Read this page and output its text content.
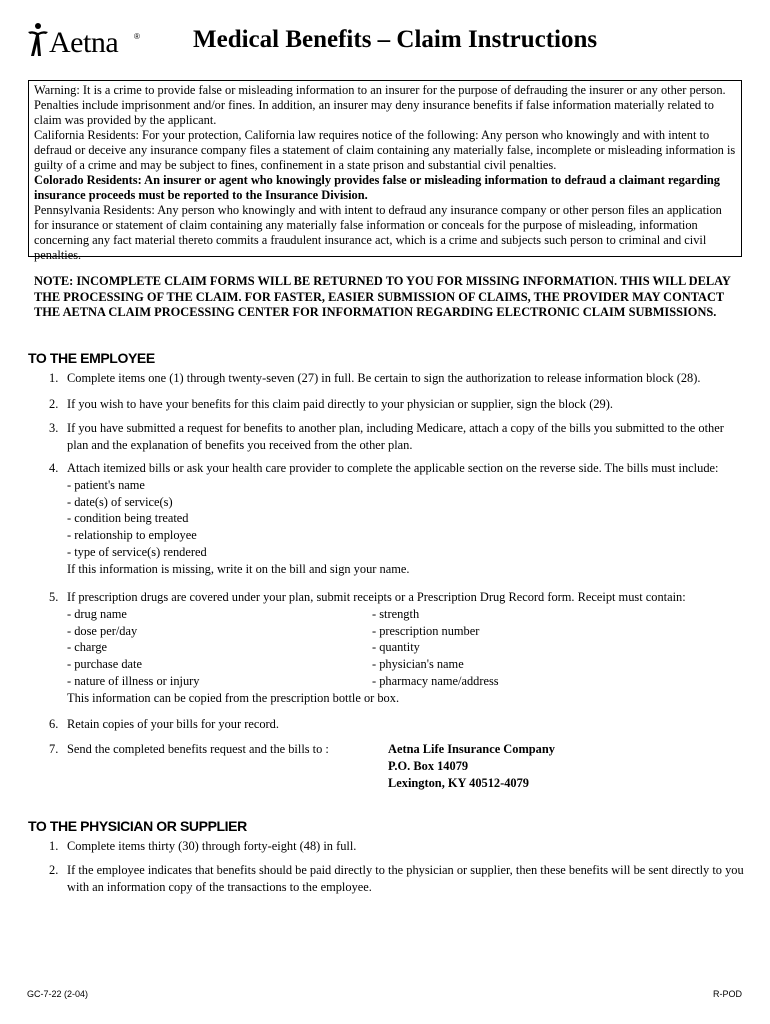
Aetna ® Medical Benefits – Claim Instructions

Warning: It is a crime to provide false or misleading information to an insurer for the purpose of defrauding the insurer or any other person. Penalties include imprisonment and/or fines. In addition, an insurer may deny insurance benefits if false information materially related to claim was provided by the applicant.

California Residents: For your protection, California law requires notice of the following: Any person who knowingly and with intent to defraud or deceive any insurance company files a statement of claim containing any materially false, incomplete or misleading information is guilty of a crime and may be subject to fines, confinement in a state prison and substantial civil penalties.

Colorado Residents: An insurer or agent who knowingly provides false or misleading information to defraud a claimant regarding insurance proceeds must be reported to the Insurance Division.

Pennsylvania Residents: Any person who knowingly and with intent to defraud any insurance company or other person files an application for insurance or statement of claim containing any materially false information or conceals for the purpose of misleading, information concerning any fact material thereto commits a fraudulent insurance act, which is a crime and subjects such person to criminal and civil penalties.

NOTE: INCOMPLETE CLAIM FORMS WILL BE RETURNED TO YOU FOR MISSING INFORMATION. THIS WILL DELAY THE PROCESSING OF THE CLAIM. FOR FASTER, EASIER SUBMISSION OF CLAIMS, THE PROVIDER MAY CONTACT THE AETNA CLAIM PROCESSING CENTER FOR INFORMATION REGARDING ELECTRONIC CLAIM SUBMISSIONS.

TO THE EMPLOYEE
1. Complete items one (1) through twenty-seven (27) in full. Be certain to sign the authorization to release information block (28).
2. If you wish to have your benefits for this claim paid directly to your physician or supplier, sign the block (29).
3. If you have submitted a request for benefits to another plan, including Medicare, attach a copy of the bills you submitted to the other plan and the explanation of benefits you received from the other plan.
4. Attach itemized bills or ask your health care provider to complete the applicable section on the reverse side. The bills must include:
- patient's name
- date(s) of service(s)
- condition being treated
- relationship to employee
- type of service(s) rendered
If this information is missing, write it on the bill and sign your name.
5. If prescription drugs are covered under your plan, submit receipts or a Prescription Drug Record form. Receipt must contain:
- drug name	- strength
- dose per/day	- prescription number
- charge	- quantity
- purchase date	- physician's name
- nature of illness or injury	- pharmacy name/address
This information can be copied from the prescription bottle or box.
6. Retain copies of your bills for your record.
7. Send the completed benefits request and the bills to :	Aetna Life Insurance Company
P.O. Box 14079
Lexington, KY 40512-4079
TO THE PHYSICIAN OR SUPPLIER
1. Complete items thirty (30) through forty-eight (48) in full.
2. If the employee indicates that benefits should be paid directly to the physician or supplier, then these benefits will be sent directly to you with an information copy of the transactions to the employee.
GC-7-22 (2-04)	R-POD
